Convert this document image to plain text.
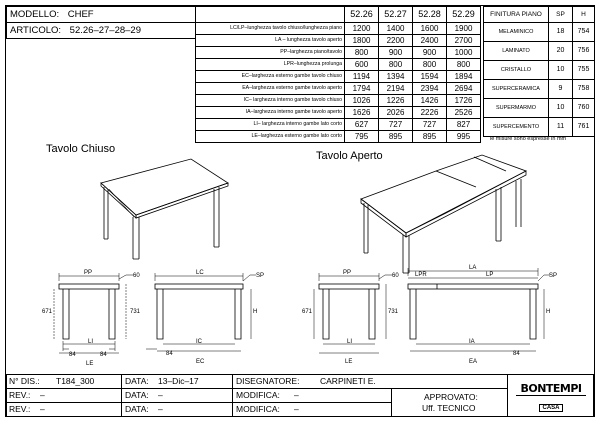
MODELLO: CHEF
ARTICOLO: 52.26–27–28–29
52.26	52.27	52.28	52.29
LC/LP–lunghezza tavolo chiuso/lunghezza piano	1200	1400	1600	1900
LA – lunghezza tavolo aperto	1800	2200	2400	2700
PP–larghezza piano/tavolo	800	900	900	1000
LPR–lunghezza prolunga	600	800	800	800
EC–larghezza esterno gambe tavolo chiuso	1194	1394	1594	1894
EA–larghezza esterno gambe tavolo aperto	1794	2194	2394	2694
IC– larghezza interno gambe tavolo chiuso	1026	1226	1426	1726
IA–larghezza interno gambe tavolo aperto	1626	2026	2226	2526
LI– larghezza interno gambe lato corto	627	727	727	827
LE–larghezza esterno gambe lato corto	795	895	895	995
FINITURA PIANO	SP	H
MELAMINICO	18	754
LAMINATO	20	756
CRISTALLO	10	755
SUPERCERAMICA	9	758
SUPERMARMO	10	760
SUPERCEMENTO	11	761
le misure sono espresse in mm
Tavolo Chiuso
Tavolo Aperto
PP	60
671	731
LI
84	84
LE
LC	SP
H
IC
84
EC
PP	60
671	731
LI
LE
LA
LPR	LP	SP
H
IA
84
EA
N° DIS.: T184_300	DATA: 13–Dic–17	DISEGNATORE: CARPINETI E.
REV.: –	DATA: –	MODIFICA: –
REV.: –	DATA: –	MODIFICA: –
APPROVATO:
Uff. TECNICO
BONTEMPI
CASA
